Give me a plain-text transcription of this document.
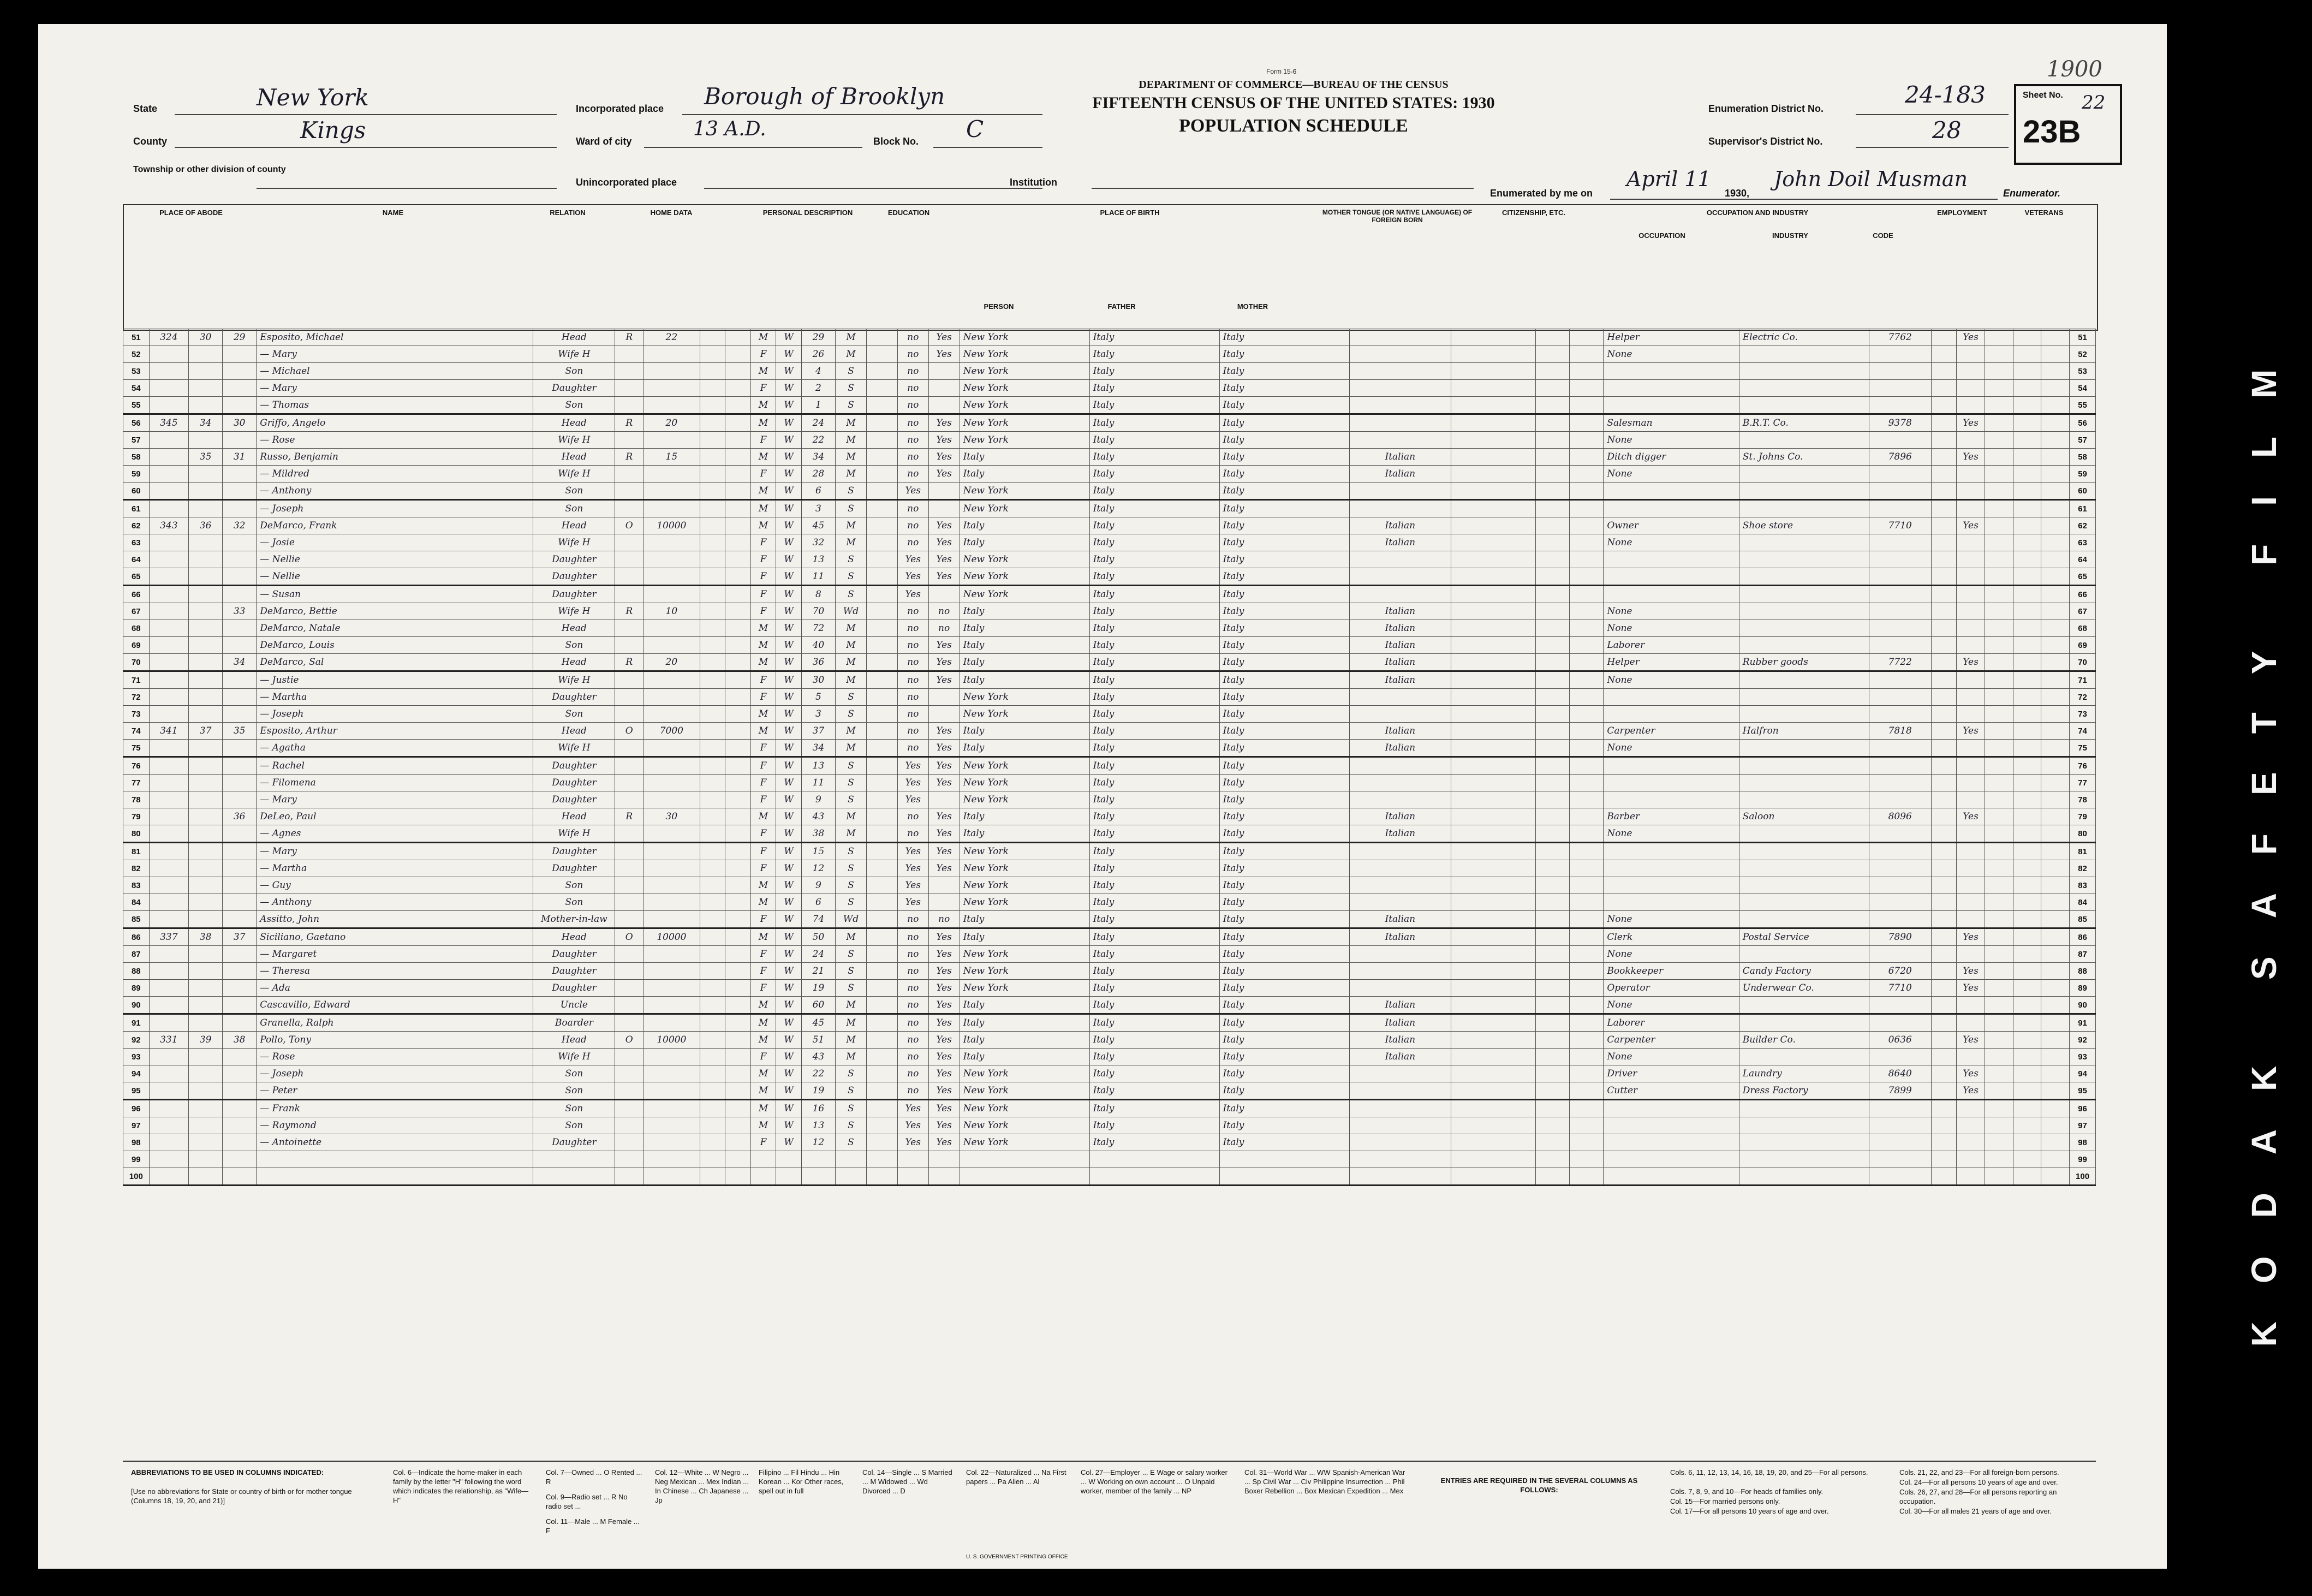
Form 15-6
DEPARTMENT OF COMMERCE—BUREAU OF THE CENSUS
FIFTEENTH CENSUS OF THE UNITED STATES: 1930
POPULATION SCHEDULE
State	New York
County	Kings
Township or other division of county
Incorporated place Borough of Brooklyn
Ward of city
13 A.D.
Block No. C
Unincorporated place
Enumeration District No.
24-183
Supervisor's District No.	28
Sheet No.
23B
22
1900
Institution
Enumerated by me on
April 11
1930,
John Doil Musman
Enumerator.
PLACE OF ABODE	NAME	RELATION	HOME DATA	PERSONAL DESCRIPTION	EDUCATION	PLACE OF BIRTH	MOTHER TONGUE (OR NATIVE LANGUAGE) OF FOREIGN BORN
CITIZENSHIP, ETC.	OCCUPATION AND INDUSTRY	EMPLOYMENT	VETERANS
PERSON	FATHER	MOTHER
OCCUPATION	INDUSTRY	CODE
51	324	30	29	Esposito, Michael	Head	R	22			M	W	29	M		no	Yes	New York	Italy	Italy					Helper	Electric Co.	7762		Yes				51
52				— Mary	Wife H					F	W	26	M		no	Yes	New York	Italy	Italy					None								52
53				— Michael	Son					M	W	4	S		no		New York	Italy	Italy													53
54				— Mary	Daughter					F	W	2	S		no		New York	Italy	Italy													54
55				— Thomas	Son					M	W	1	S		no		New York	Italy	Italy													55
56	345	34	30	Griffo, Angelo	Head	R	20			M	W	24	M		no	Yes	New York	Italy	Italy					Salesman	B.R.T. Co.	9378		Yes				56
57				— Rose	Wife H					F	W	22	M		no	Yes	New York	Italy	Italy					None								57
58		35	31	Russo, Benjamin	Head	R	15			M	W	34	M		no	Yes	Italy	Italy	Italy	Italian				Ditch digger	St. Johns Co.	7896		Yes				58
59				— Mildred	Wife H					F	W	28	M		no	Yes	Italy	Italy	Italy	Italian				None								59
60				— Anthony	Son					M	W	6	S		Yes		New York	Italy	Italy													60
61				— Joseph	Son					M	W	3	S		no		New York	Italy	Italy													61
62	343	36	32	DeMarco, Frank	Head	O	10000			M	W	45	M		no	Yes	Italy	Italy	Italy	Italian				Owner	Shoe store	7710		Yes				62
63				— Josie	Wife H					F	W	32	M		no	Yes	Italy	Italy	Italy	Italian				None								63
64				— Nellie	Daughter					F	W	13	S		Yes	Yes	New York	Italy	Italy													64
65				— Nellie	Daughter					F	W	11	S		Yes	Yes	New York	Italy	Italy													65
66				— Susan	Daughter					F	W	8	S		Yes		New York	Italy	Italy													66
67			33	DeMarco, Bettie	Wife H	R	10			F	W	70	Wd		no	no	Italy	Italy	Italy	Italian				None								67
68				DeMarco, Natale	Head					M	W	72	M		no	no	Italy	Italy	Italy	Italian				None								68
69				DeMarco, Louis	Son					M	W	40	M		no	Yes	Italy	Italy	Italy	Italian				Laborer								69
70			34	DeMarco, Sal	Head	R	20			M	W	36	M		no	Yes	Italy	Italy	Italy	Italian				Helper	Rubber goods	7722		Yes				70
71				— Justie	Wife H					F	W	30	M		no	Yes	Italy	Italy	Italy	Italian				None								71
72				— Martha	Daughter					F	W	5	S		no		New York	Italy	Italy													72
73				— Joseph	Son					M	W	3	S		no		New York	Italy	Italy													73
74	341	37	35	Esposito, Arthur	Head	O	7000			M	W	37	M		no	Yes	Italy	Italy	Italy	Italian				Carpenter	Halfron	7818		Yes				74
75				— Agatha	Wife H					F	W	34	M		no	Yes	Italy	Italy	Italy	Italian				None								75
76				— Rachel	Daughter					F	W	13	S		Yes	Yes	New York	Italy	Italy													76
77				— Filomena	Daughter					F	W	11	S		Yes	Yes	New York	Italy	Italy													77
78				— Mary	Daughter					F	W	9	S		Yes		New York	Italy	Italy													78
79			36	DeLeo, Paul	Head	R	30			M	W	43	M		no	Yes	Italy	Italy	Italy	Italian				Barber	Saloon	8096		Yes				79
80				— Agnes	Wife H					F	W	38	M		no	Yes	Italy	Italy	Italy	Italian				None								80
81				— Mary	Daughter					F	W	15	S		Yes	Yes	New York	Italy	Italy													81
82				— Martha	Daughter					F	W	12	S		Yes	Yes	New York	Italy	Italy													82
83				— Guy	Son					M	W	9	S		Yes		New York	Italy	Italy													83
84				— Anthony	Son					M	W	6	S		Yes		New York	Italy	Italy													84
85				Assitto, John	Mother-in-law					F	W	74	Wd		no	no	Italy	Italy	Italy	Italian				None								85
86	337	38	37	Siciliano, Gaetano	Head	O	10000			M	W	50	M		no	Yes	Italy	Italy	Italy	Italian				Clerk	Postal Service	7890		Yes				86
87				— Margaret	Daughter					F	W	24	S		no	Yes	New York	Italy	Italy					None								87
88				— Theresa	Daughter					F	W	21	S		no	Yes	New York	Italy	Italy					Bookkeeper	Candy Factory	6720		Yes				88
89				— Ada	Daughter					F	W	19	S		no	Yes	New York	Italy	Italy					Operator	Underwear Co.	7710		Yes				89
90				Cascavillo, Edward	Uncle					M	W	60	M		no	Yes	Italy	Italy	Italy	Italian				None								90
91				Granella, Ralph	Boarder					M	W	45	M		no	Yes	Italy	Italy	Italy	Italian				Laborer								91
92	331	39	38	Pollo, Tony	Head	O	10000			M	W	51	M		no	Yes	Italy	Italy	Italy	Italian				Carpenter	Builder Co.	0636		Yes				92
93				— Rose	Wife H					F	W	43	M		no	Yes	Italy	Italy	Italy	Italian				None								93
94				— Joseph	Son					M	W	22	S		no	Yes	New York	Italy	Italy					Driver	Laundry	8640		Yes				94
95				— Peter	Son					M	W	19	S		no	Yes	New York	Italy	Italy					Cutter	Dress Factory	7899		Yes				95
96				— Frank	Son					M	W	16	S		Yes	Yes	New York	Italy	Italy													96
97				— Raymond	Son					M	W	13	S		Yes	Yes	New York	Italy	Italy													97
98				— Antoinette	Daughter					F	W	12	S		Yes	Yes	New York	Italy	Italy													98
99																																99
100																																100
ABBREVIATIONS TO BE USED IN COLUMNS INDICATED:
[Use no abbreviations for State or country of birth or for mother tongue (Columns 18, 19, 20, and 21)]
Col. 6—Indicate the home-maker in each family by the letter "H" following the word which indicates the relationship, as "Wife—H"
Col. 7—Owned ... O Rented ... R
Col. 9—Radio set ... R No radio set ...
Col. 11—Male ... M Female ... F
Col. 12—White ... W Negro ... Neg Mexican ... Mex Indian ... In Chinese ... Ch Japanese ... Jp
Filipino ... Fil Hindu ... Hin Korean ... Kor Other races, spell out in full
Col. 14—Single ... S Married ... M Widowed ... Wd Divorced ... D
Col. 22—Naturalized ... Na First papers ... Pa Alien ... Al
Col. 27—Employer ... E Wage or salary worker ... W Working on own account ... O Unpaid worker, member of the family ... NP
Col. 31—World War ... WW Spanish-American War ... Sp Civil War ... Civ Philippine Insurrection ... Phil Boxer Rebellion ... Box Mexican Expedition ... Mex
ENTRIES ARE REQUIRED IN THE SEVERAL COLUMNS AS FOLLOWS:
Cols. 6, 11, 12, 13, 14, 16, 18, 19, 20, and 25—For all persons.
Cols. 7, 8, 9, and 10—For heads of families only.
Col. 15—For married persons only.
Col. 17—For all persons 10 years of age and over.
Cols. 21, 22, and 23—For all foreign-born persons.
Col. 24—For all persons 10 years of age and over.
Cols. 26, 27, and 28—For all persons reporting an occupation.
Col. 30—For all males 21 years of age and over.
U. S. GOVERNMENT PRINTING OFFICE
KODAK SAFETY FILM
